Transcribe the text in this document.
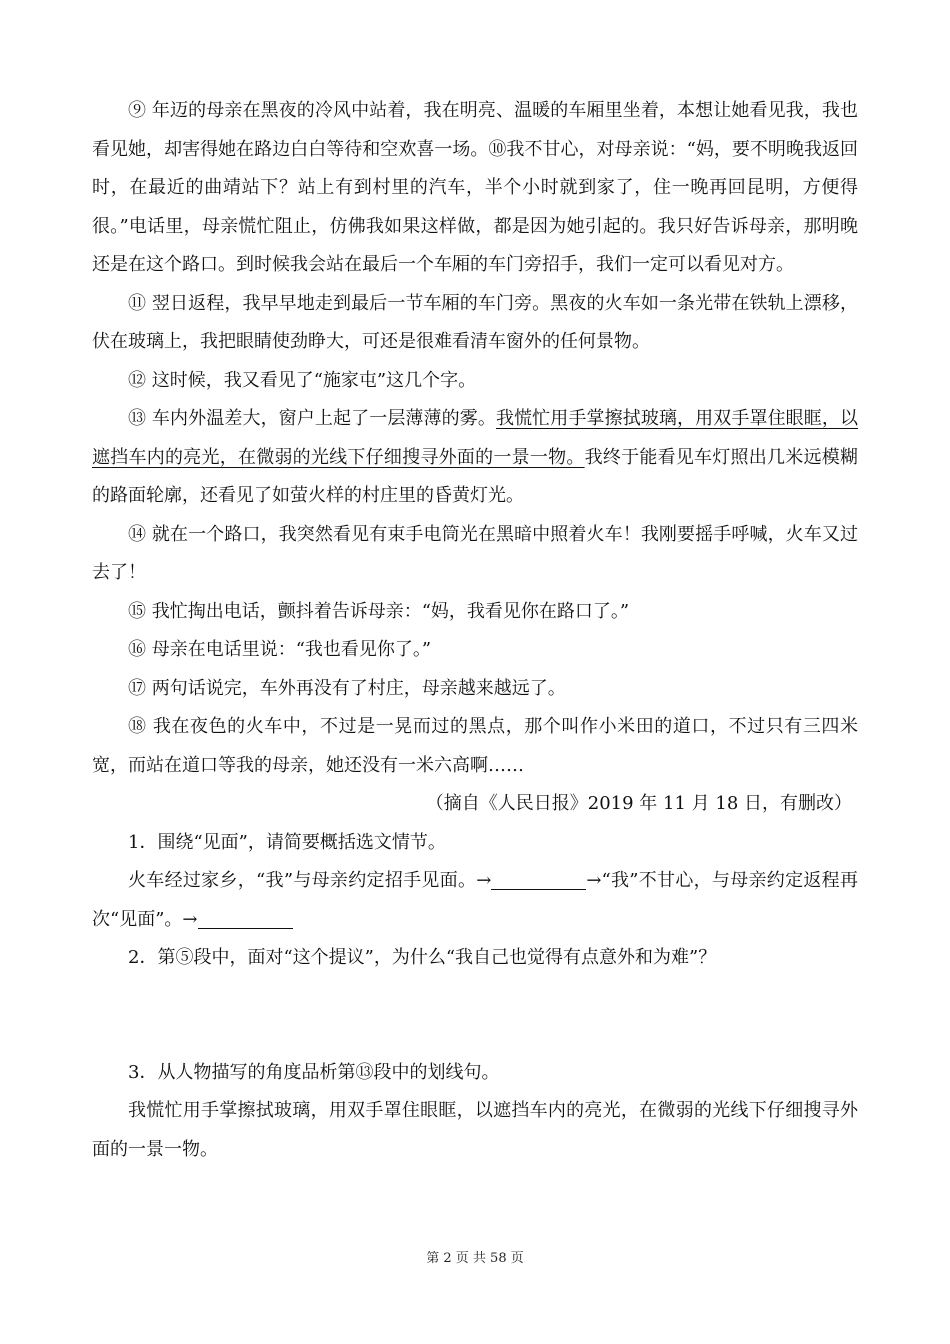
⑨ 年迈的母亲在黑夜的冷风中站着，我在明亮、温暖的车厢里坐着，本想让她看见我，我也看见她，却害得她在路边白白等待和空欢喜一场。⑩我不甘心，对母亲说：“妈，要不明晚我返回时，在最近的曲靖站下？站上有到村里的汽车，半个小时就到家了，住一晚再回昆明，方便得很。”电话里，母亲慌忙阻止，仿佛我如果这样做，都是因为她引起的。我只好告诉母亲，那明晚还是在这个路口。到时候我会站在最后一个车厢的车门旁招手，我们一定可以看见对方。

⑪ 翌日返程，我早早地走到最后一节车厢的车门旁。黑夜的火车如一条光带在铁轨上漂移，伏在玻璃上，我把眼睛使劲睁大，可还是很难看清车窗外的任何景物。

⑫ 这时候，我又看见了“施家屯”这几个字。

⑬ 车内外温差大，窗户上起了一层薄薄的雾。我慌忙用手掌擦拭玻璃，用双手罩住眼眶，以遮挡车内的亮光，在微弱的光线下仔细搜寻外面的一景一物。我终于能看见车灯照出几米远模糊的路面轮廓，还看见了如萤火样的村庄里的昏黄灯光。

⑭ 就在一个路口，我突然看见有束手电筒光在黑暗中照着火车！我刚要摇手呼喊，火车又过去了！

⑮ 我忙掏出电话，颤抖着告诉母亲：“妈，我看见你在路口了。”

⑯ 母亲在电话里说：“我也看见你了。”

⑰ 两句话说完，车外再没有了村庄，母亲越来越远了。

⑱ 我在夜色的火车中，不过是一晃而过的黑点，那个叫作小米田的道口，不过只有三四米宽，而站在道口等我的母亲，她还没有一米六高啊……

（摘自《人民日报》2019 年 11 月 18 日，有删改）

1．围绕“见面”，请简要概括选文情节。

火车经过家乡，“我”与母亲约定招手见面。→	→“我”不甘心，与母亲约定返程再次“见面”。→

2．第⑤段中，面对“这个提议”，为什么“我自己也觉得有点意外和为难”？

3．从人物描写的角度品析第⑬段中的划线句。

我慌忙用手掌擦拭玻璃，用双手罩住眼眶，以遮挡车内的亮光，在微弱的光线下仔细搜寻外面的一景一物。

第 2 页 共 58 页
